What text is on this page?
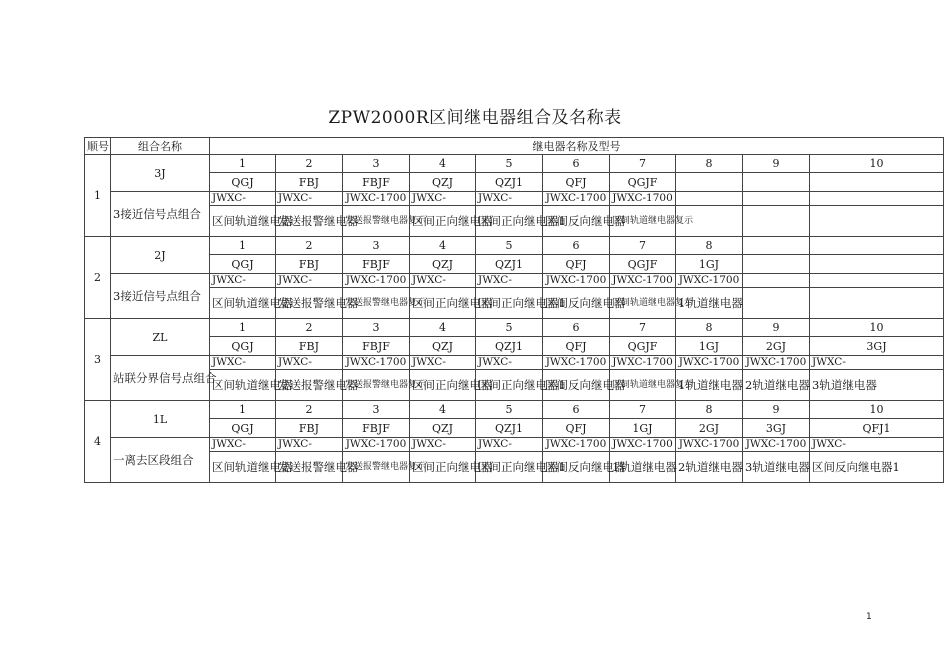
ZPW2000R区间继电器组合及名称表
顺号	组合名称	继电器名称及型号									
1	3J	1	2	3	4	5	6	7	8	9	10
		QGJ	FBJ	FBJF	QZJ	QZJ1	QFJ	QGJF			
	3接近信号点组合	JWXC-	JWXC-	JWXC-1700	JWXC-	JWXC-	JWXC-1700	JWXC-1700			
		区间轨道继电器	发送报警继电器	发送报警继电器复示	区间正向继电器	区间正向继电器1	区间反向继电器	区间轨道继电器复示			
2	2J	1	2	3	4	5	6	7	8		
		QGJ	FBJ	FBJF	QZJ	QZJ1	QFJ	QGJF	1GJ		
	3接近信号点组合	JWXC-	JWXC-	JWXC-1700	JWXC-	JWXC-	JWXC-1700	JWXC-1700	JWXC-1700		
		区间轨道继电器	发送报警继电器	发送报警继电器复示	区间正向继电器	区间正向继电器1	区间反向继电器	区间轨道继电器复示	1轨道继电器		
3	ZL	1	2	3	4	5	6	7	8	9	10
		QGJ	FBJ	FBJF	QZJ	QZJ1	QFJ	QGJF	1GJ	2GJ	3GJ
	站联分界信号点组合	JWXC-	JWXC-	JWXC-1700	JWXC-	JWXC-	JWXC-1700	JWXC-1700	JWXC-1700	JWXC-1700	JWXC-
		区间轨道继电器	发送报警继电器	发送报警继电器复示	区间正向继电器	区间正向继电器1	区间反向继电器	区间轨道继电器复示	1轨道继电器	2轨道继电器	3轨道继电器
4	1L	1	2	3	4	5	6	7	8	9	10
		QGJ	FBJ	FBJF	QZJ	QZJ1	QFJ	1GJ	2GJ	3GJ	QFJ1
	一离去区段组合	JWXC-	JWXC-	JWXC-1700	JWXC-	JWXC-	JWXC-1700	JWXC-1700	JWXC-1700	JWXC-1700	JWXC-
		区间轨道继电器	发送报警继电器	发送报警继电器复示	区间正向继电器	区间正向继电器1	区间反向继电器	1轨道继电器	2轨道继电器	3轨道继电器	区间反向继电器1
1
